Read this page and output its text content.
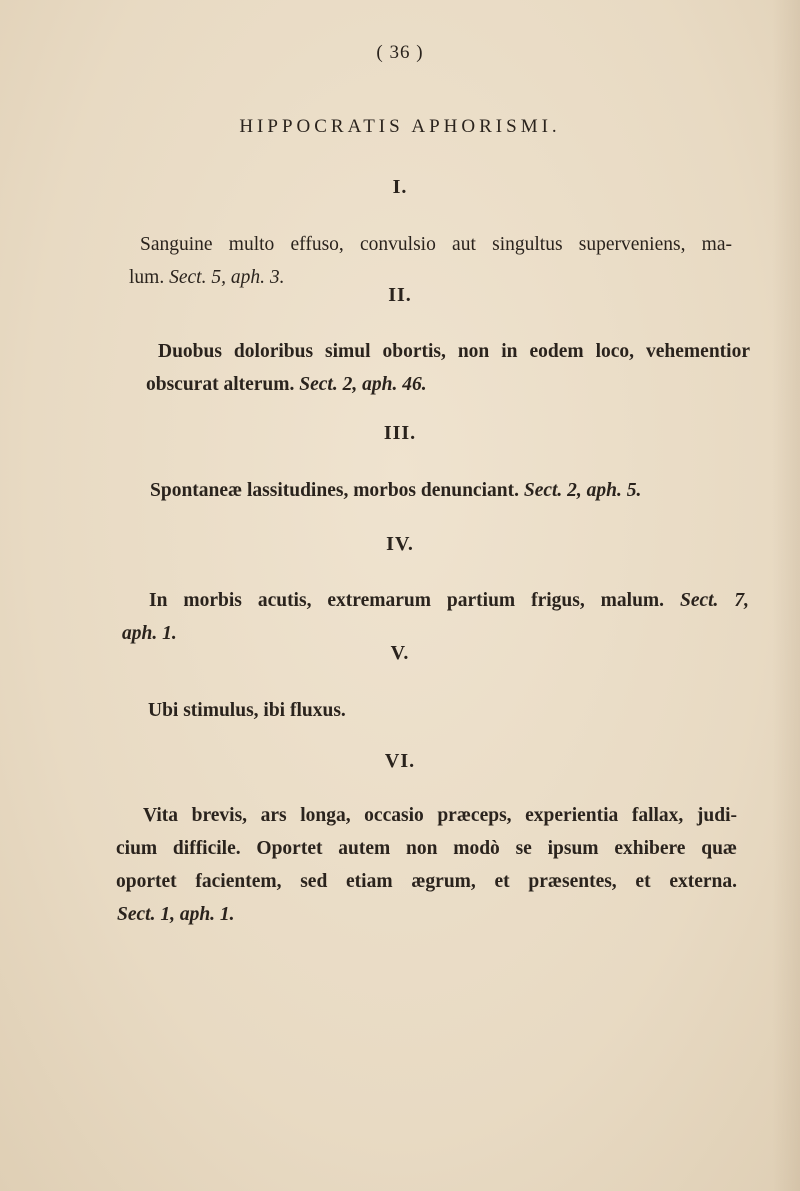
( 36 )
HIPPOCRATIS APHORISMI.
I.
Sanguine multo effuso, convulsio aut singultus superveniens, ma-
lum. Sect. 5, aph. 3.
II.
Duobus doloribus simul obortis, non in eodem loco, vehementior
obscurat alterum. Sect. 2, aph. 46.
III.
Spontaneæ lassitudines, morbos denunciant. Sect. 2, aph. 5.
IV.
In morbis acutis, extremarum partium frigus, malum. Sect. 7,
aph. 1.
V.
Ubi stimulus, ibi fluxus.
VI.
Vita brevis, ars longa, occasio præceps, experientia fallax, judi-
cium difficile. Oportet autem non modò se ipsum exhibere quæ
oportet facientem, sed etiam ægrum, et præsentes, et externa.
Sect. 1, aph. 1.
